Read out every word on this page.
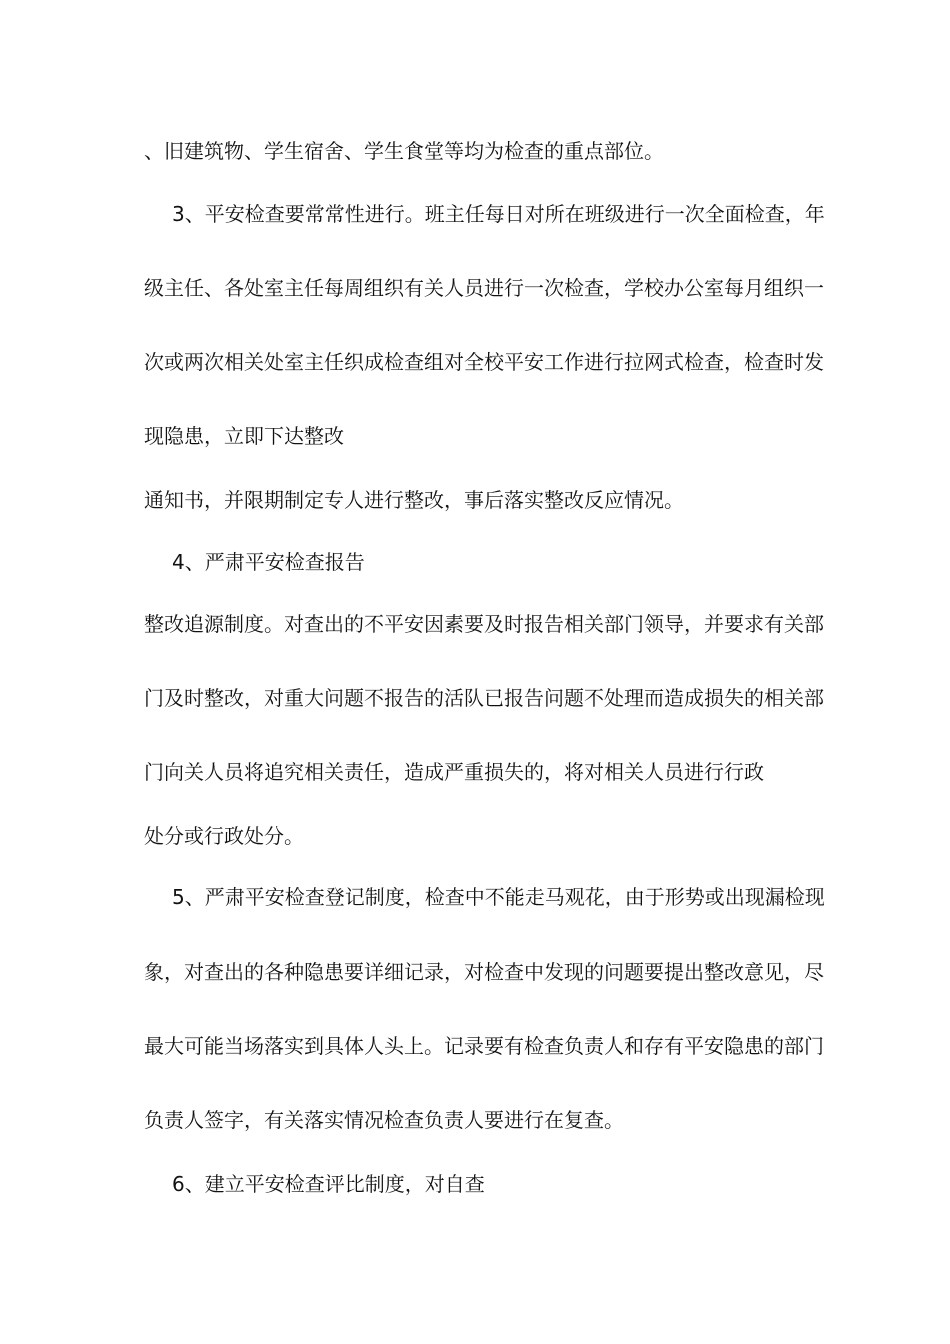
、旧建筑物、学生宿舍、学生食堂等均为检查的重点部位。
3、平安检查要常常性进行。班主任每日对所在班级进行一次全面检查，年
级主任、各处室主任每周组织有关人员进行一次检查，学校办公室每月组织一
次或两次相关处室主任织成检查组对全校平安工作进行拉网式检查，检查时发
现隐患，立即下达整改
通知书，并限期制定专人进行整改，事后落实整改反应情况。
4、严肃平安检查报告
整改追源制度。对查出的不平安因素要及时报告相关部门领导，并要求有关部
门及时整改，对重大问题不报告的活队已报告问题不处理而造成损失的相关部
门向关人员将追究相关责任，造成严重损失的，将对相关人员进行行政
处分或行政处分。
5、严肃平安检查登记制度，检查中不能走马观花，由于形势或出现漏检现
象，对查出的各种隐患要详细记录，对检查中发现的问题要提出整改意见，尽
最大可能当场落实到具体人头上。记录要有检查负责人和存有平安隐患的部门
负责人签字，有关落实情况检查负责人要进行在复查。
6、建立平安检查评比制度，对自查
